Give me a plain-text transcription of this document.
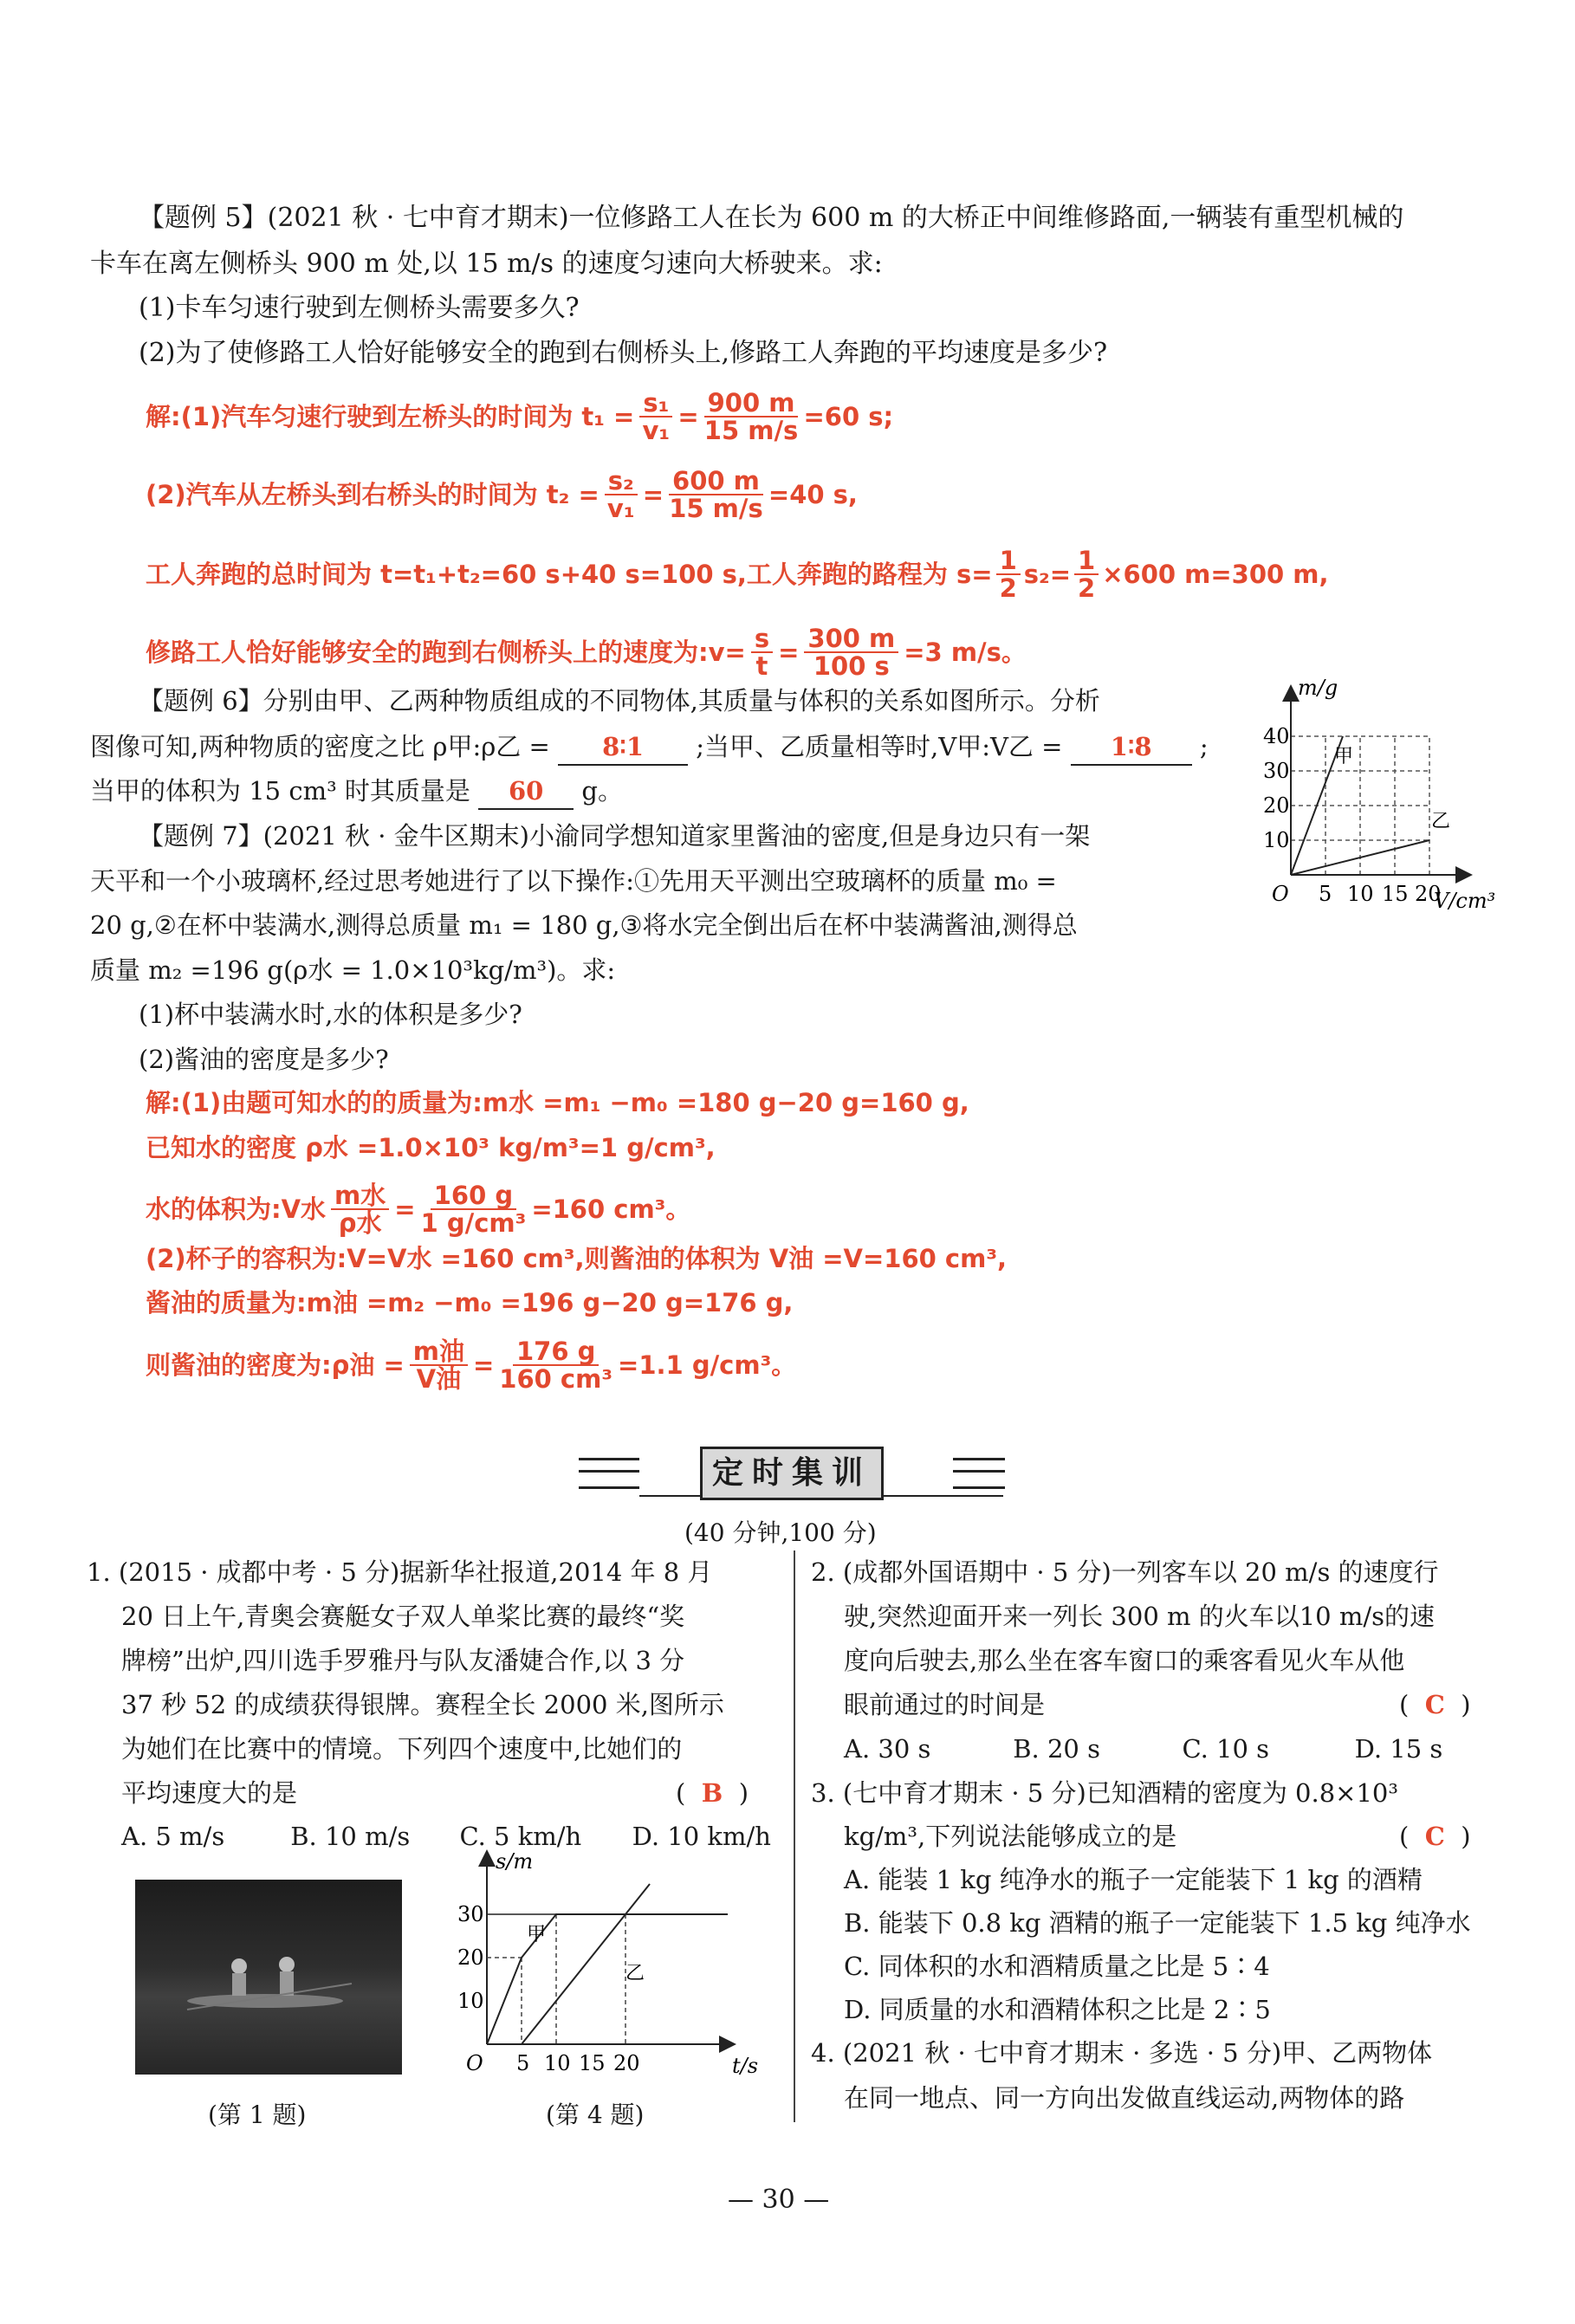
【题例 5】(2021 秋 · 七中育才期末)一位修路工人在长为 600 m 的大桥正中间维修路面,一辆装有重型机械的
卡车在离左侧桥头 900 m 处,以 15 m/s 的速度匀速向大桥驶来。求:
(1)卡车匀速行驶到左侧桥头需要多久?
(2)为了使修路工人恰好能够安全的跑到右侧桥头上,修路工人奔跑的平均速度是多少?
解:(1)汽车匀速行驶到左桥头的时间为 $t_1 = \frac{\text{s₁}}{\text{v₁}} = \frac{900 m}{15 m/s} =60$ s;
(2)汽车从左桥头到右桥头的时间为 $t_2 = \frac{\text{s₂}}{\text{v₁}} = \frac{600 m}{15 m/s} =40$ s,
工人奔跑的总时间为 t=t₁+t₂=60 s+40 s=100 s,工人奔跑的路程为 $s= \frac{1}{2} s_2= \frac{1}{2} \times 600$ m=300 m,
修路工人恰好能够安全的跑到右侧桥头上的速度为:v= $\frac{s}{t} = \frac{300 m}{100 s} =3$ m/s。
【题例 6】分别由甲、乙两种物质组成的不同物体,其质量与体积的关系如图所示。分析
图像可知,两种物质的密度之比 ρ甲:ρ乙 = 8∶1 ;当甲、乙质量相等时,V甲:V乙 = 1∶8 ;
当甲的体积为 15 cm³ 时其质量是 60 g。
m/g
V/cm³
O
10
20
30
40
5 10 15 20
甲
乙
【题例 7】(2021 秋 · 金牛区期末)小渝同学想知道家里酱油的密度,但是身边只有一架
天平和一个小玻璃杯,经过思考她进行了以下操作:①先用天平测出空玻璃杯的质量 m₀ =
20 g,②在杯中装满水,测得总质量 m₁ = 180 g,③将水完全倒出后在杯中装满酱油,测得总
质量 m₂ =196 g(ρ水 = 1.0×10³kg/m³)。求:
(1)杯中装满水时,水的体积是多少?
(2)酱油的密度是多少?
解:(1)由题可知水的的质量为:m水 =m₁ −m₀ =180 g−20 g=160 g,
已知水的密度 ρ水 =1.0×10³ kg/m³=1 g/cm³,
水的体积为:V水 m水
ρ水 = $\frac{160 g}{\text{1 g/cm³}} =160$ cm³。
(2)杯子的容积为:V=V水 =160 cm³,则酱油的体积为 V油 =V=160 cm³,
酱油的质量为:m油 =m₂ −m₀ =196 g−20 g=176 g,
则酱油的密度为:ρ油 = m油
V油 = $\frac{176 g}{\text{160 cm³}} =1.1$ g/cm³。
定时集训
(40 分钟,100 分)
1. (2015 · 成都中考 · 5 分)据新华社报道,2014 年 8 月
20 日上午,青奥会赛艇女子双人单桨比赛的最终“奖
牌榜”出炉,四川选手罗雅丹与队友潘婕合作,以 3 分
37 秒 52 的成绩获得银牌。赛程全长 2000 米,图所示
为她们在比赛中的情境。下列四个速度中,比她们的
平均速度大的是	(  B  )
A. 5 m/s	B. 10 m/s C. 5 km/h D. 10 km/h
(第 1 题)
s/m
t/s
O
10
20
30
5 10 15 20
甲
乙
(第 4 题)
2. (成都外国语期中 · 5 分)一列客车以 20 m/s 的速度行
驶,突然迎面开来一列长 300 m 的火车以10 m/s的速
度向后驶去,那么坐在客车窗口的乘客看见火车从他
眼前通过的时间是	(  C  )
A. 30 s	B. 20 s	C. 10 s	D. 15 s
3. (七中育才期末 · 5 分)已知酒精的密度为 0.8×10³
kg/m³,下列说法能够成立的是	(  C  )
A. 能装 1 kg 纯净水的瓶子一定能装下 1 kg 的酒精
B. 能装下 0.8 kg 酒精的瓶子一定能装下 1.5 kg 纯净水
C. 同体积的水和酒精质量之比是 5∶4
D. 同质量的水和酒精体积之比是 2∶5
4. (2021 秋 · 七中育才期末 · 多选 · 5 分)甲、乙两物体
在同一地点、同一方向出发做直线运动,两物体的路
— 30 —
